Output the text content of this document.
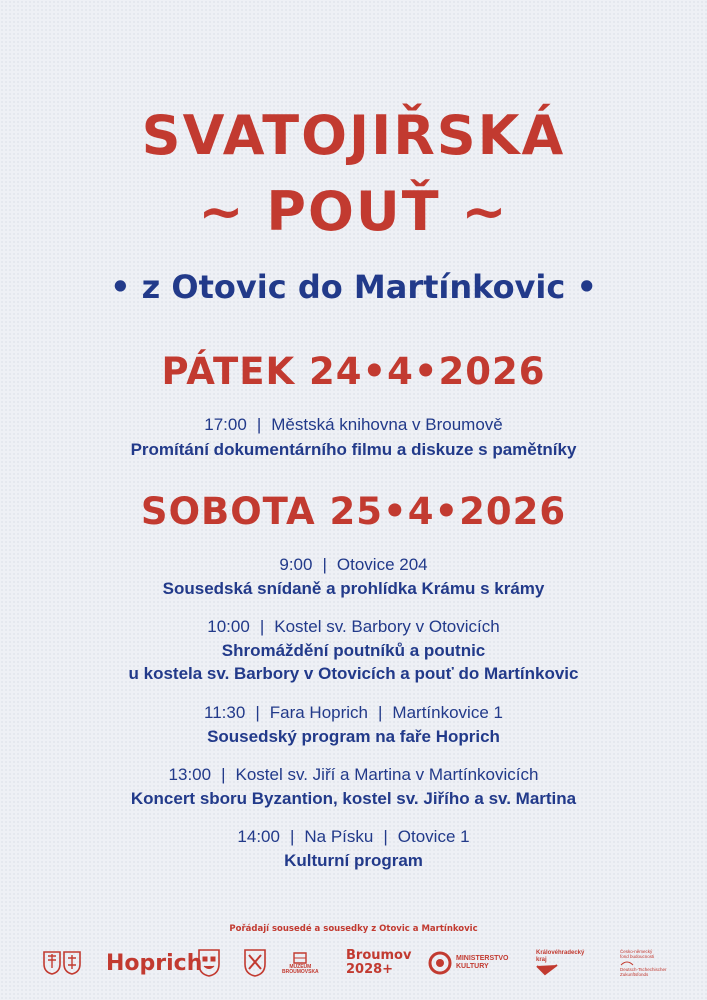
SVATOJIŘSKÁ
~ POUŤ ~
• z Otovic do Martínkovic •
PÁTEK 24•4•2026
17:00 | Městská knihovna v Broumově
Promítání dokumentárního filmu a diskuze s pamětníky
SOBOTA 25•4•2026
9:00 | Otovice 204
Sousedská snídaně a prohlídka Krámu s krámy
10:00 | Kostel sv. Barbory v Otovicích
Shromáždění poutníků a poutnic
u kostela sv. Barbory v Otovicích a pouť do Martínkovic
11:30 | Fara Hoprich | Martínkovice 1
Sousedský program na faře Hoprich
13:00 | Kostel sv. Jiří a Martina v Martínkovicích
Koncert sboru Byzantion, kostel sv. Jiřího a sv. Martina
14:00 | Na Písku | Otovice 1
Kulturní program
Pořádají sousedé a sousedky z Otovic a Martínkovic
Hoprich	MUZEUM
BROUMOVSKA
Broumov
2028+
MINISTERSTVO
KULTURY
Královéhradecký
kraj
Česko-německý
fond budoucnosti
Deutsch-Tschechischer
Zukunftsfonds
